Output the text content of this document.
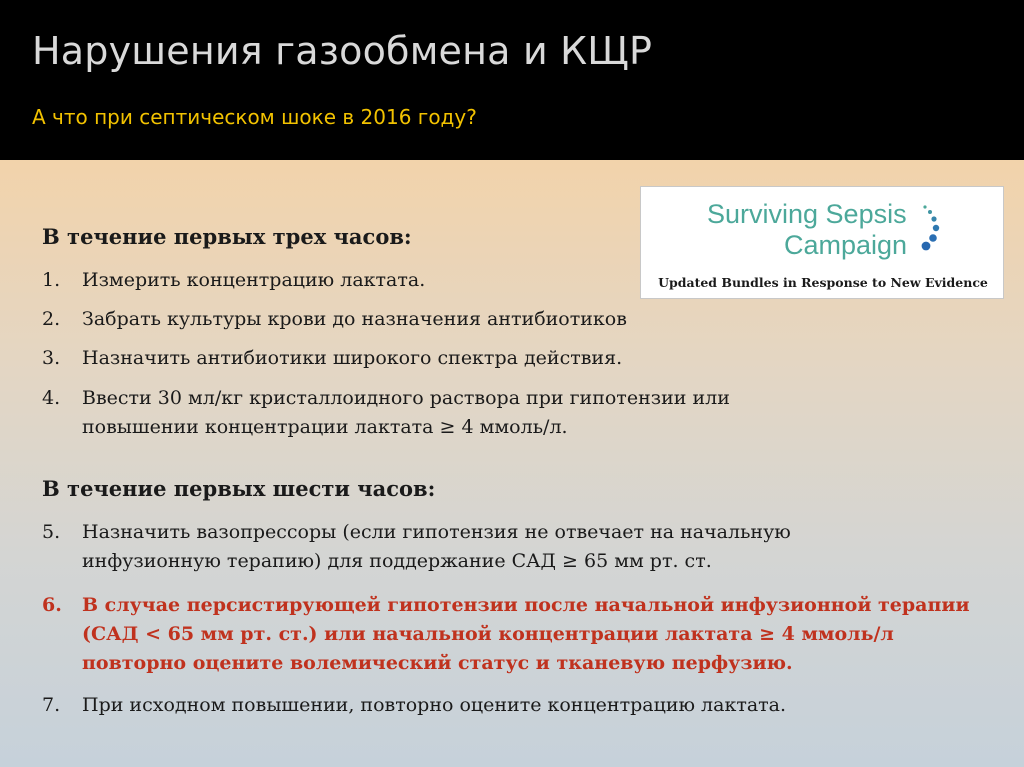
Нарушения газообмена и КЩР

А что при септическом шоке в 2016 году?

Surviving Sepsis
Campaign
Updated Bundles in Response to New Evidence
В течение первых трех часов:
1.	Измерить концентрацию лактата.
2.	Забрать культуры крови до назначения антибиотиков
3.	Назначить антибиотики широкого спектра действия.
4.	Ввести 30 мл/кг кристаллоидного раствора при гипотензии или повышении концентрации лактата ≥ 4 ммоль/л.
В течение первых шести часов:
5.	Назначить вазопрессоры (если гипотензия не отвечает на начальную инфузионную терапию) для поддержание САД ≥ 65 мм рт. ст.
6.	В случае персистирующей гипотензии после начальной инфузионной терапии (САД < 65 мм рт. ст.) или начальной концентрации лактата ≥ 4 ммоль/л повторно оцените волемический статус и тканевую перфузию.
7.	При исходном повышении, повторно оцените концентрацию лактата.
